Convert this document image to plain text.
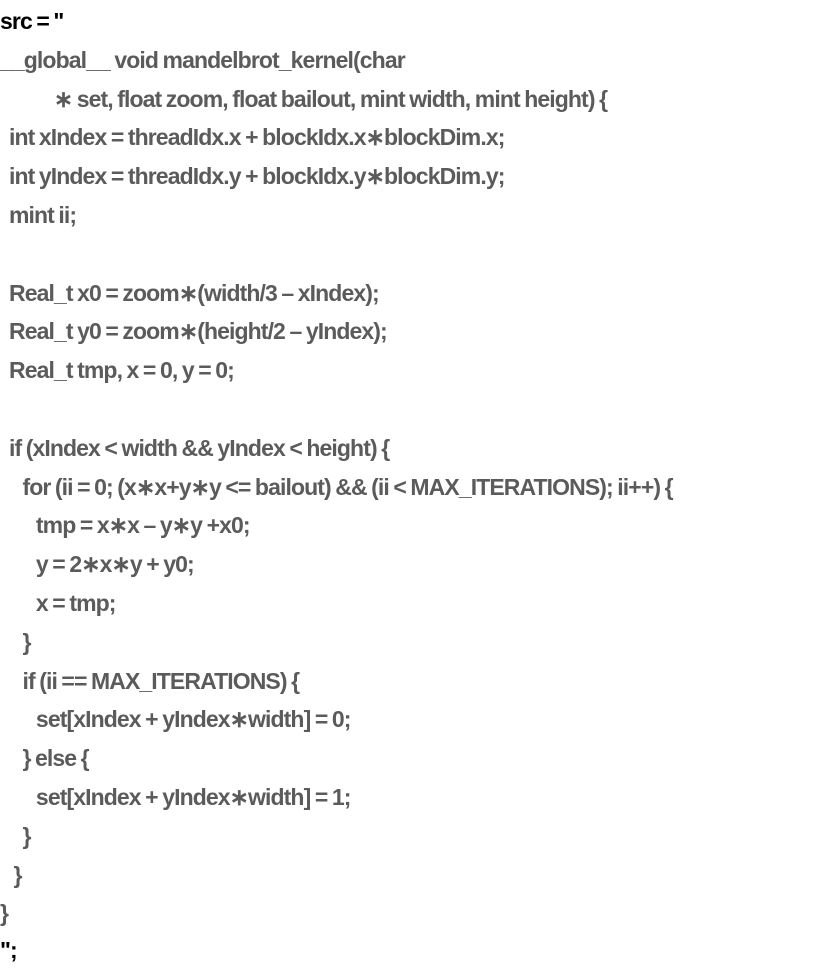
src = "

__global__ void mandelbrot_kernel(char

∗ set, float zoom, float bailout, mint width, mint height) {

int xIndex = threadIdx.x + blockIdx.x∗blockDim.x;

int yIndex = threadIdx.y + blockIdx.y∗blockDim.y;

mint ii;

Real_t x0 = zoom∗(width/3 – xIndex);

Real_t y0 = zoom∗(height/2 – yIndex);

Real_t tmp, x = 0, y = 0;

if (xIndex < width && yIndex < height) {

for (ii = 0; (x∗x+y∗y <= bailout) && (ii < MAX_ITERATIONS); ii++) {

tmp = x∗x – y∗y +x0;

y = 2∗x∗y + y0;

x = tmp;

}

if (ii == MAX_ITERATIONS) {

set[xIndex + yIndex∗width] = 0;

} else {

set[xIndex + yIndex∗width] = 1;

}

}

}

";
